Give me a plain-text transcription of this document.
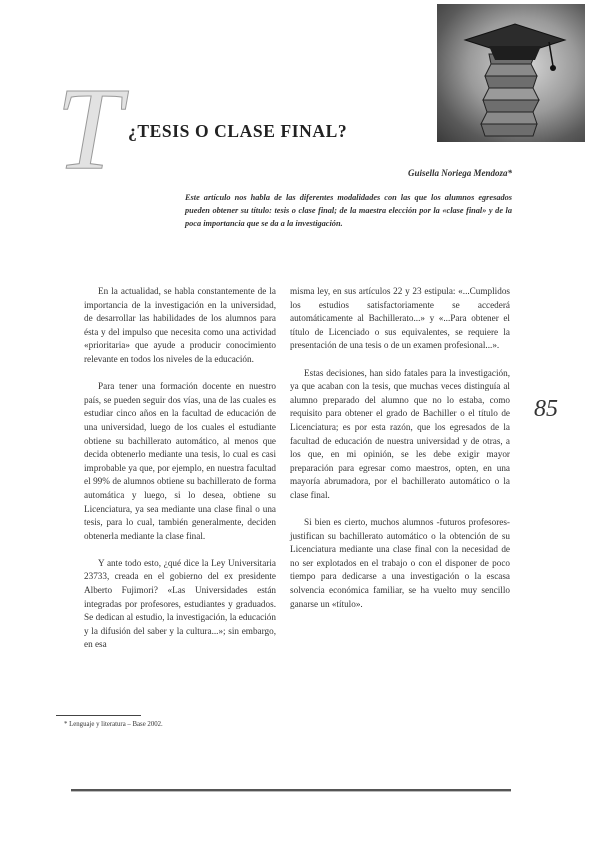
T ¿TESIS O CLASE FINAL?
Guisella Noriega Mendoza*

Este artículo nos habla de las diferentes modalidades con las que los alumnos egresados pueden obtener su título: tesis o clase final; de la maestra elección por la «clase final» y de la poca importancia que se da a la investigación.

En la actualidad, se habla constantemente de la importancia de la investigación en la universidad, de desarrollar las habilidades de los alumnos para ésta y del impulso que necesita como una actividad «prioritaria» que ayude a producir conocimiento relevante en todos los niveles de la educación.

Para tener una formación docente en nuestro país, se pueden seguir dos vías, una de las cuales es estudiar cinco años en la facultad de educación de una universidad, luego de los cuales el estudiante obtiene su bachillerato automático, al menos que decida obtenerlo mediante una tesis, lo cual es casi improbable ya que, por ejemplo, en nuestra facultad el 99% de alumnos obtiene su bachillerato de forma automática y luego, si lo desea, obtiene su Licenciatura, ya sea mediante una clase final o una tesis, para lo cual, también generalmente, deciden obtenerla mediante la clase final.

Y ante todo esto, ¿qué dice la Ley Universitaria 23733, creada en el gobierno del ex presidente Alberto Fujimori? «Las Universidades están integradas por profesores, estudiantes y graduados. Se dedican al estudio, la investigación, la educación y la difusión del saber y la cultura...»; sin embargo, en esa

misma ley, en sus artículos 22 y 23 estipula: «...Cumplidos los estudios satisfactoriamente se accederá automáticamente al Bachillerato...» y «...Para obtener el título de Licenciado o sus equivalentes, se requiere la presentación de una tesis o de un examen profesional...».

Estas decisiones, han sido fatales para la investigación, ya que acaban con la tesis, que muchas veces distinguía al alumno preparado del alumno que no lo estaba, como requisito para obtener el grado de Bachiller o el título de Licenciatura; es por esta razón, que los egresados de la facultad de educación de nuestra universidad y de otras, a los que, en mi opinión, se les debe exigir mayor preparación para egresar como maestros, opten, en una mayoría abrumadora, por el bachillerato automático o la clase final.

Si bien es cierto, muchos alumnos -futuros profesores- justifican su bachillerato automático o la obtención de su Licenciatura mediante una clase final con la necesidad de no ser explotados en el trabajo o con el disponer de poco tiempo para dedicarse a una investigación o la escasa solvencia económica familiar, se ha vuelto muy sencillo ganarse un «título».

85
* Lenguaje y literatura – Base 2002.
